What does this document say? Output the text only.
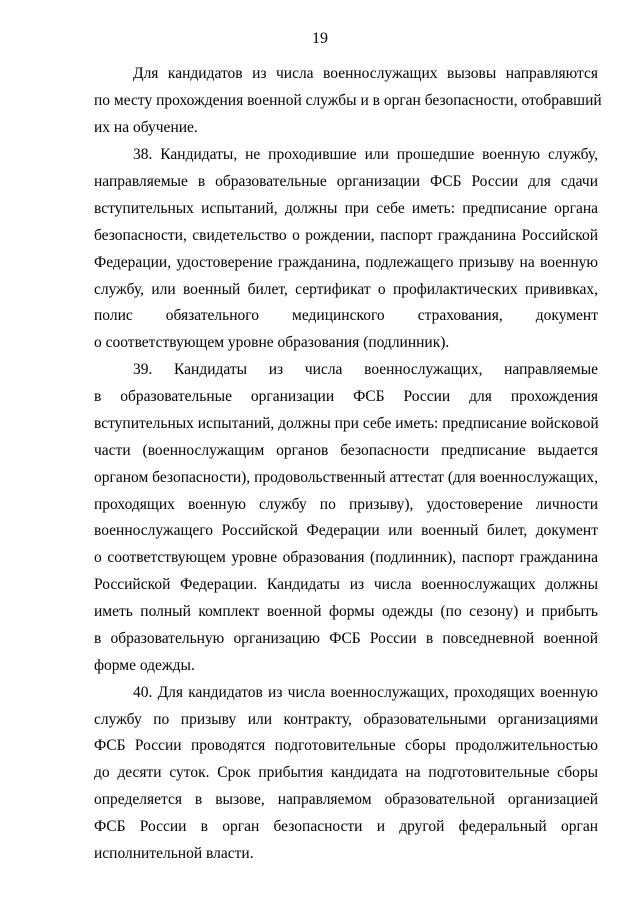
19
Для кандидатов из числа военнослужащих вызовы направляются
по месту прохождения военной службы и в орган безопасности, отобравший
их на обучение.
38. Кандидаты, не проходившие или прошедшие военную службу,
направляемые в образовательные организации ФСБ России для сдачи
вступительных испытаний, должны при себе иметь: предписание органа
безопасности, свидетельство о рождении, паспорт гражданина Российской
Федерации, удостоверение гражданина, подлежащего призыву на военную
службу, или военный билет, сертификат о профилактических прививках,
полис обязательного медицинского страхования, документ
о соответствующем уровне образования (подлинник).
39. Кандидаты из числа военнослужащих, направляемые
в образовательные организации ФСБ России для прохождения
вступительных испытаний, должны при себе иметь: предписание войсковой
части (военнослужащим органов безопасности предписание выдается
органом безопасности), продовольственный аттестат (для военнослужащих,
проходящих военную службу по призыву), удостоверение личности
военнослужащего Российской Федерации или военный билет, документ
о соответствующем уровне образования (подлинник), паспорт гражданина
Российской Федерации. Кандидаты из числа военнослужащих должны
иметь полный комплект военной формы одежды (по сезону) и прибыть
в образовательную организацию ФСБ России в повседневной военной
форме одежды.
40. Для кандидатов из числа военнослужащих, проходящих военную
службу по призыву или контракту, образовательными организациями
ФСБ России проводятся подготовительные сборы продолжительностью
до десяти суток. Срок прибытия кандидата на подготовительные сборы
определяется в вызове, направляемом образовательной организацией
ФСБ России в орган безопасности и другой федеральный орган
исполнительной власти.
